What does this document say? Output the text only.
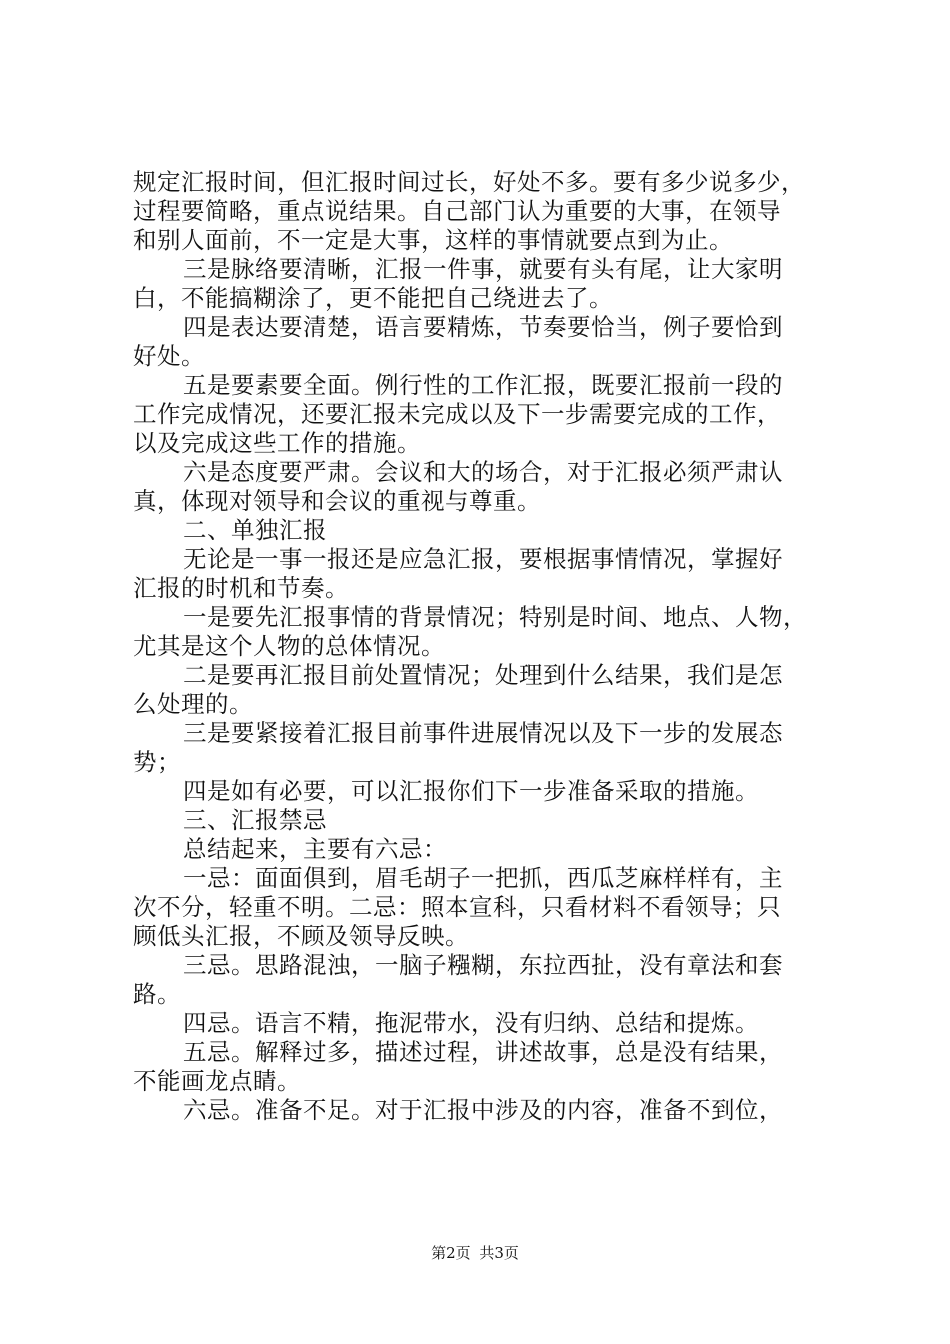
规定汇报时间，但汇报时间过长，好处不多。要有多少说多少，
过程要简略，重点说结果。自己部门认为重要的大事，在领导
和别人面前，不一定是大事，这样的事情就要点到为止。
三是脉络要清晰，汇报一件事，就要有头有尾，让大家明
白，不能搞糊涂了，更不能把自己绕进去了。
四是表达要清楚，语言要精炼，节奏要恰当，例子要恰到
好处。
五是要素要全面。例行性的工作汇报，既要汇报前一段的
工作完成情况，还要汇报未完成以及下一步需要完成的工作，
以及完成这些工作的措施。
六是态度要严肃。会议和大的场合，对于汇报必须严肃认
真，体现对领导和会议的重视与尊重。
二、单独汇报
无论是一事一报还是应急汇报，要根据事情情况，掌握好
汇报的时机和节奏。
一是要先汇报事情的背景情况；特别是时间、地点、人物，
尤其是这个人物的总体情况。
二是要再汇报目前处置情况；处理到什么结果，我们是怎
么处理的。
三是要紧接着汇报目前事件进展情况以及下一步的发展态
势；
四是如有必要，可以汇报你们下一步准备采取的措施。
三、汇报禁忌
总结起来，主要有六忌：
一忌：面面俱到，眉毛胡子一把抓，西瓜芝麻样样有，主
次不分，轻重不明。二忌：照本宣科，只看材料不看领导；只
顾低头汇报，不顾及领导反映。
三忌。思路混浊，一脑子糨糊，东拉西扯，没有章法和套
路。
四忌。语言不精，拖泥带水，没有归纳、总结和提炼。
五忌。解释过多，描述过程，讲述故事，总是没有结果，
不能画龙点睛。
六忌。准备不足。对于汇报中涉及的内容，准备不到位，
第2页 共3页
